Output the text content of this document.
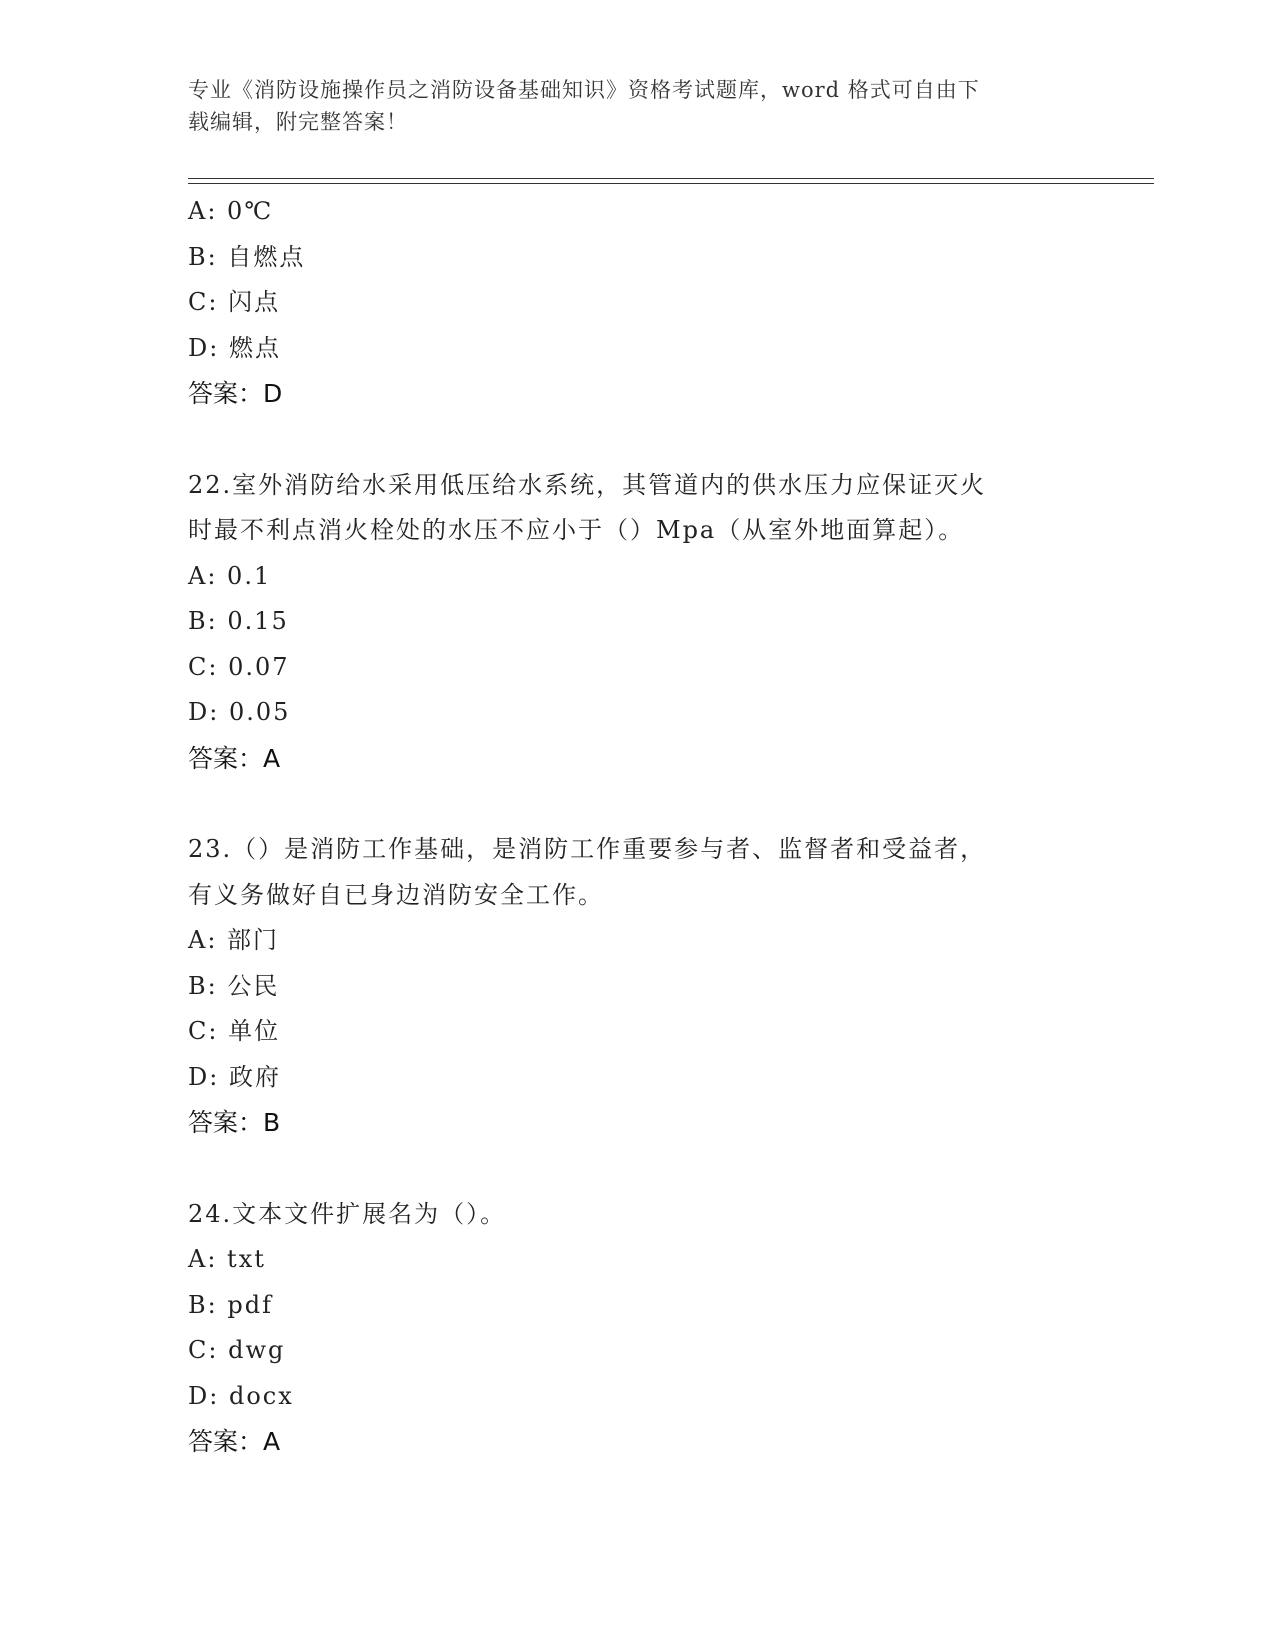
专业《消防设施操作员之消防设备基础知识》资格考试题库，word 格式可自由下
载编辑，附完整答案！
A: 0℃
B: 自燃点
C: 闪点
D: 燃点
答案：D
22.室外消防给水采用低压给水系统，其管道内的供水压力应保证灭火
时最不利点消火栓处的水压不应小于（）Mpa（从室外地面算起）。
A: 0.1
B: 0.15
C: 0.07
D: 0.05
答案：A
23.（）是消防工作基础，是消防工作重要参与者、监督者和受益者，
有义务做好自已身边消防安全工作。
A: 部门
B: 公民
C: 单位
D: 政府
答案：B
24.文本文件扩展名为（）。
A: txt
B: pdf
C: dwg
D: docx
答案：A
